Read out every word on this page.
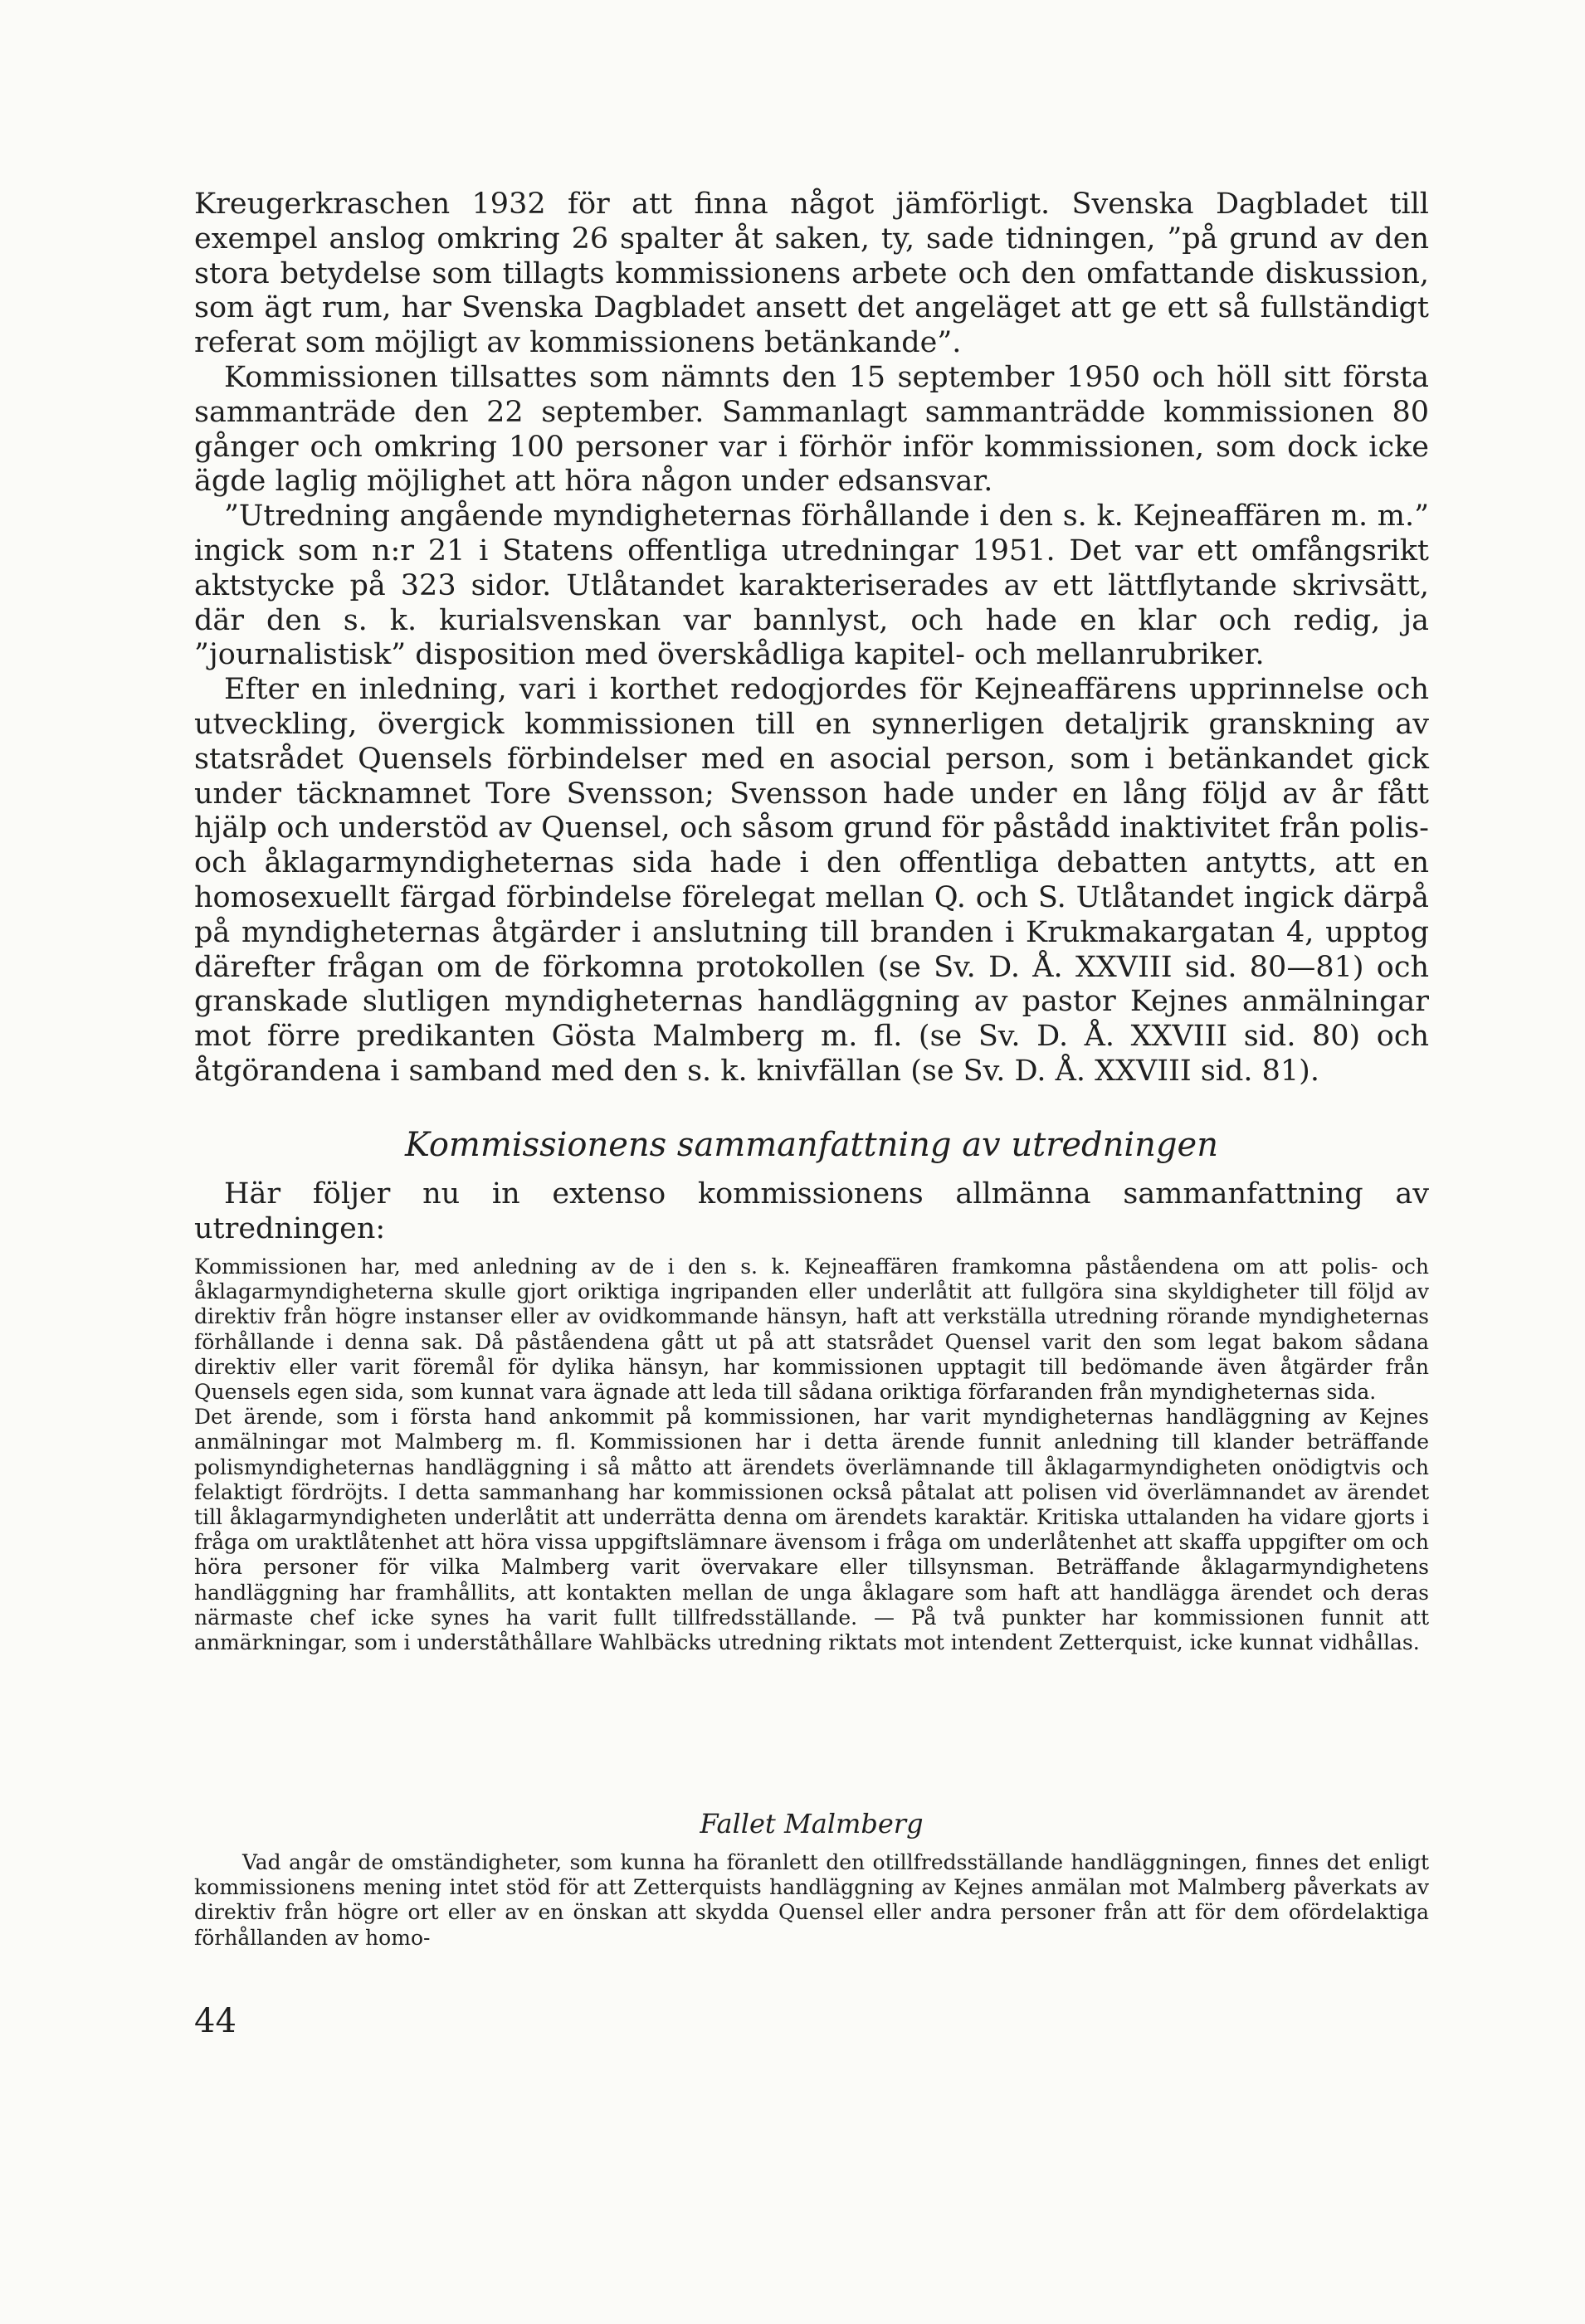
Kreugerkraschen 1932 för att finna något jämförligt. Svenska Dagbladet till exempel anslog omkring 26 spalter åt saken, ty, sade tidningen, ”på grund av den stora betydelse som tillagts kommissionens arbete och den omfattande diskussion, som ägt rum, har Svenska Dagbladet ansett det angeläget att ge ett så fullständigt referat som möjligt av kommissionens betänkande”.

Kommissionen tillsattes som nämnts den 15 september 1950 och höll sitt första sammanträde den 22 september. Sammanlagt sammanträdde kommissionen 80 gånger och omkring 100 personer var i förhör inför kommissionen, som dock icke ägde laglig möjlighet att höra någon under edsansvar.

”Utredning angående myndigheternas förhållande i den s. k. Kejneaffären m. m.” ingick som n:r 21 i Statens offentliga utredningar 1951. Det var ett omfångsrikt aktstycke på 323 sidor. Utlåtandet karakteriserades av ett lättflytande skrivsätt, där den s. k. kurialsvenskan var bannlyst, och hade en klar och redig, ja ”journalistisk” disposition med överskådliga kapitel- och mellanrubriker.

Efter en inledning, vari i korthet redogjordes för Kejneaffärens upprinnelse och utveckling, övergick kommissionen till en synnerligen detaljrik granskning av statsrådet Quensels förbindelser med en asocial person, som i betänkandet gick under täcknamnet Tore Svensson; Svensson hade under en lång följd av år fått hjälp och understöd av Quensel, och såsom grund för påstådd inaktivitet från polis- och åklagarmyndigheternas sida hade i den offentliga debatten antytts, att en homosexuellt färgad förbindelse förelegat mellan Q. och S. Utlåtandet ingick därpå på myndigheternas åtgärder i anslutning till branden i Krukmakargatan 4, upptog därefter frågan om de förkomna protokollen (se Sv. D. Å. XXVIII sid. 80—81) och granskade slutligen myndigheternas handläggning av pastor Kejnes anmälningar mot förre predikanten Gösta Malmberg m. fl. (se Sv. D. Å. XXVIII sid. 80) och åtgörandena i samband med den s. k. knivfällan (se Sv. D. Å. XXVIII sid. 81).

Kommissionens sammanfattning av utredningen

Här följer nu in extenso kommissionens allmänna sammanfattning av utredningen:

Kommissionen har, med anledning av de i den s. k. Kejneaffären framkomna påståendena om att polis- och åklagarmyndigheterna skulle gjort oriktiga ingripanden eller underlåtit att fullgöra sina skyldigheter till följd av direktiv från högre instanser eller av ovidkommande hänsyn, haft att verkställa utredning rörande myndigheternas förhållande i denna sak. Då påståendena gått ut på att statsrådet Quensel varit den som legat bakom sådana direktiv eller varit föremål för dylika hänsyn, har kommissionen upptagit till bedömande även åtgärder från Quensels egen sida, som kunnat vara ägnade att leda till sådana oriktiga förfaranden från myndigheternas sida.

Det ärende, som i första hand ankommit på kommissionen, har varit myndigheternas handläggning av Kejnes anmälningar mot Malmberg m. fl. Kommissionen har i detta ärende funnit anledning till klander beträffande polismyndigheternas handläggning i så måtto att ärendets överlämnande till åklagarmyndigheten onödigtvis och felaktigt fördröjts. I detta sammanhang har kommissionen också påtalat att polisen vid överlämnandet av ärendet till åklagarmyndigheten underlåtit att underrätta denna om ärendets karaktär. Kritiska uttalanden ha vidare gjorts i fråga om uraktlåtenhet att höra vissa uppgiftslämnare ävensom i fråga om underlåtenhet att skaffa uppgifter om och höra personer för vilka Malmberg varit övervakare eller tillsynsman. Beträffande åklagarmyndighetens handläggning har framhållits, att kontakten mellan de unga åklagare som haft att handlägga ärendet och deras närmaste chef icke synes ha varit fullt tillfredsställande. — På två punkter har kommissionen funnit att anmärkningar, som i underståthållare Wahlbäcks utredning riktats mot intendent Zetterquist, icke kunnat vidhållas.

Fallet Malmberg

Vad angår de omständigheter, som kunna ha föranlett den otillfredsställande handläggningen, finnes det enligt kommissionens mening intet stöd för att Zetterquists handläggning av Kejnes anmälan mot Malmberg påverkats av direktiv från högre ort eller av en önskan att skydda Quensel eller andra personer från att för dem ofördelaktiga förhållanden av homo-

44
